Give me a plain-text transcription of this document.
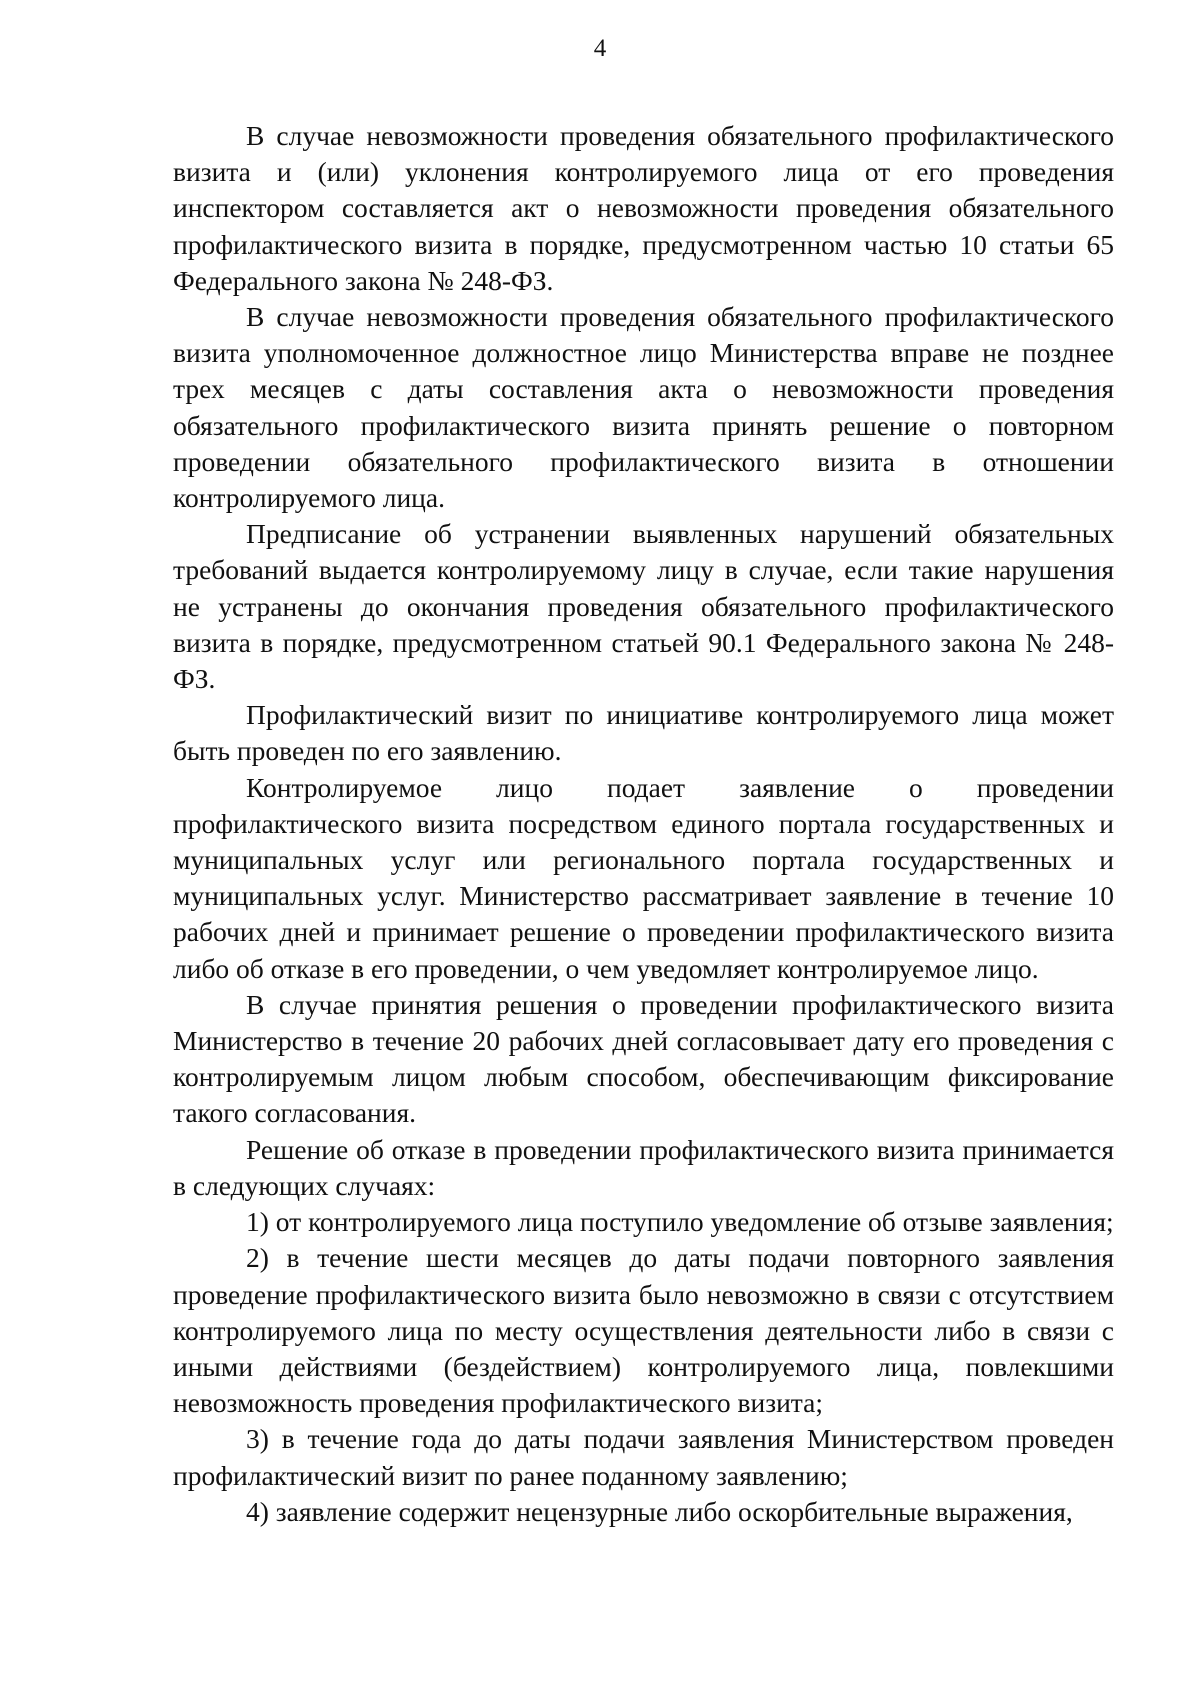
4

В случае невозможности проведения обязательного профилактического визита и (или) уклонения контролируемого лица от его проведения инспектором составляется акт о невозможности проведения обязательного профилактического визита в порядке, предусмотренном частью 10 статьи 65 Федерального закона № 248-ФЗ.

В случае невозможности проведения обязательного профилактического визита уполномоченное должностное лицо Министерства вправе не позднее трех месяцев с даты составления акта о невозможности проведения обязательного профилактического визита принять решение о повторном проведении обязательного профилактического визита в отношении контролируемого лица.

Предписание об устранении выявленных нарушений обязательных требований выдается контролируемому лицу в случае, если такие нарушения не устранены до окончания проведения обязательного профилактического визита в порядке, предусмотренном статьей 90.1 Федерального закона № 248-ФЗ.

Профилактический визит по инициативе контролируемого лица может быть проведен по его заявлению.

Контролируемое лицо подает заявление о проведении профилактического визита посредством единого портала государственных и муниципальных услуг или регионального портала государственных и муниципальных услуг. Министерство рассматривает заявление в течение 10 рабочих дней и принимает решение о проведении профилактического визита либо об отказе в его проведении, о чем уведомляет контролируемое лицо.

В случае принятия решения о проведении профилактического визита Министерство в течение 20 рабочих дней согласовывает дату его проведения с контролируемым лицом любым способом, обеспечивающим фиксирование такого согласования.

Решение об отказе в проведении профилактического визита принимается в следующих случаях:

1) от контролируемого лица поступило уведомление об отзыве заявления;

2) в течение шести месяцев до даты подачи повторного заявления проведение профилактического визита было невозможно в связи с отсутствием контролируемого лица по месту осуществления деятельности либо в связи с иными действиями (бездействием) контролируемого лица, повлекшими невозможность проведения профилактического визита;

3) в течение года до даты подачи заявления Министерством проведен профилактический визит по ранее поданному заявлению;

4) заявление содержит нецензурные либо оскорбительные выражения,
